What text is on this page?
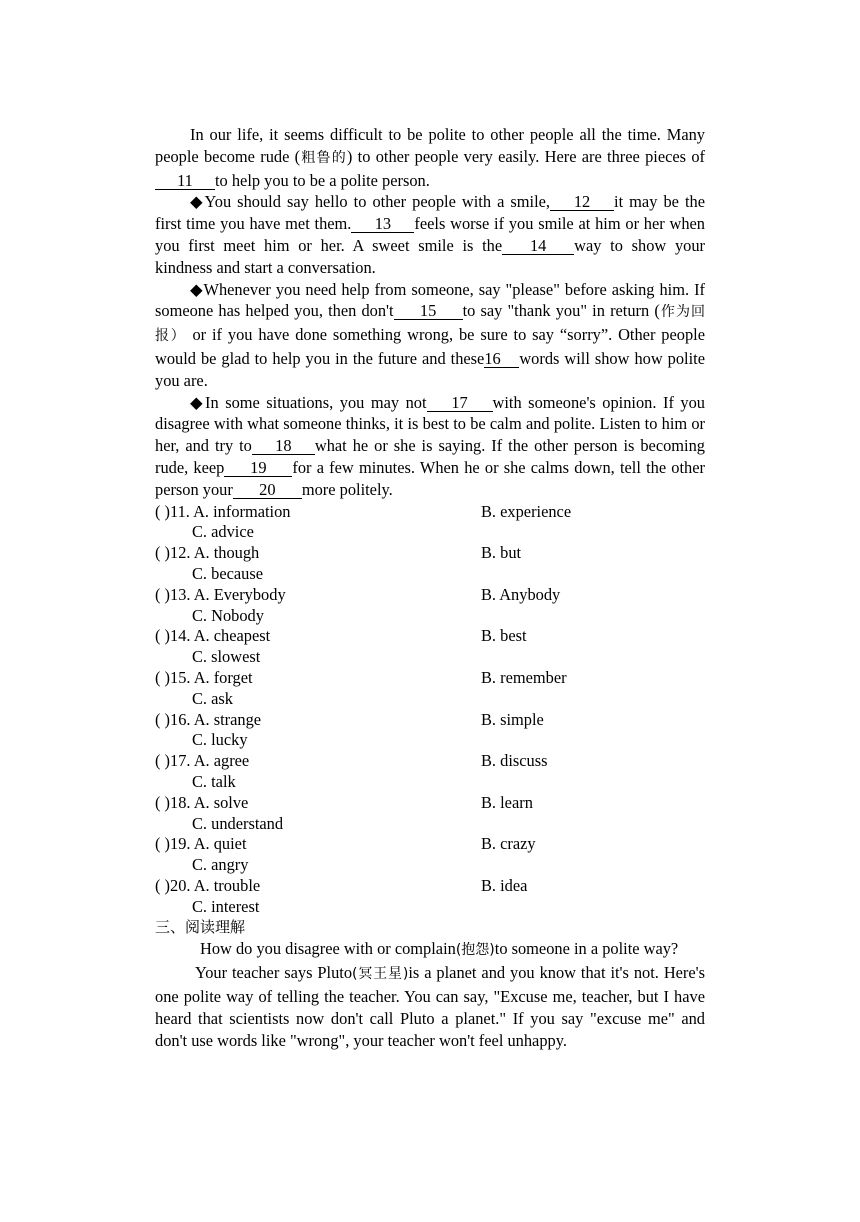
In our life, it seems difficult to be polite to other people all the time. Many people become rude (粗鲁的) to other people very easily. Here are three pieces of11 to help you to be a polite person.

◆You should say hello to other people with a smile, 12 it may be the first time you have met them. 13 feels worse if you smile at him or her when you first meet him or her. A sweet smile is the 14 way to show your kindness and start a conversation.

◆Whenever you need help from someone, say "please" before asking him. If someone has helped you, then don't 15 to say "thank you" in return (作为回报） or if you have done something wrong, be sure to say “sorry”. Other people would be glad to help you in the future and these16 words will show how polite you are.

◆In some situations, you may not 17 with someone's opinion. If you disagree with what someone thinks, it is best to be calm and polite. Listen to him or her, and try to 18 what he or she is saying. If the other person is becoming rude, keep 19 for a few minutes. When he or she calms down, tell the other person your 20 more politely.

( )11. A. information	B. experience
C. advice
( )12. A. though	B. but
C. because
( )13. A. Everybody	B. Anybody
C. Nobody
( )14. A. cheapest	B. best
C. slowest
( )15. A. forget	B. remember
C. ask
( )16. A. strange	B. simple
C. lucky
( )17. A. agree	B. discuss
C. talk
( )18. A. solve	B. learn
C. understand
( )19. A. quiet	B. crazy
C. angry
( )20. A. trouble	B. idea
C. interest

三、阅读理解

How do you disagree with or complain(抱怨)to someone in a polite way?

Your teacher says Pluto(冥王星)is a planet and you know that it's not. Here's one polite way of telling the teacher. You can say, "Excuse me, teacher, but I have heard that scientists now don't call Pluto a planet." If you say "excuse me" and don't use words like "wrong", your teacher won't feel unhappy.
